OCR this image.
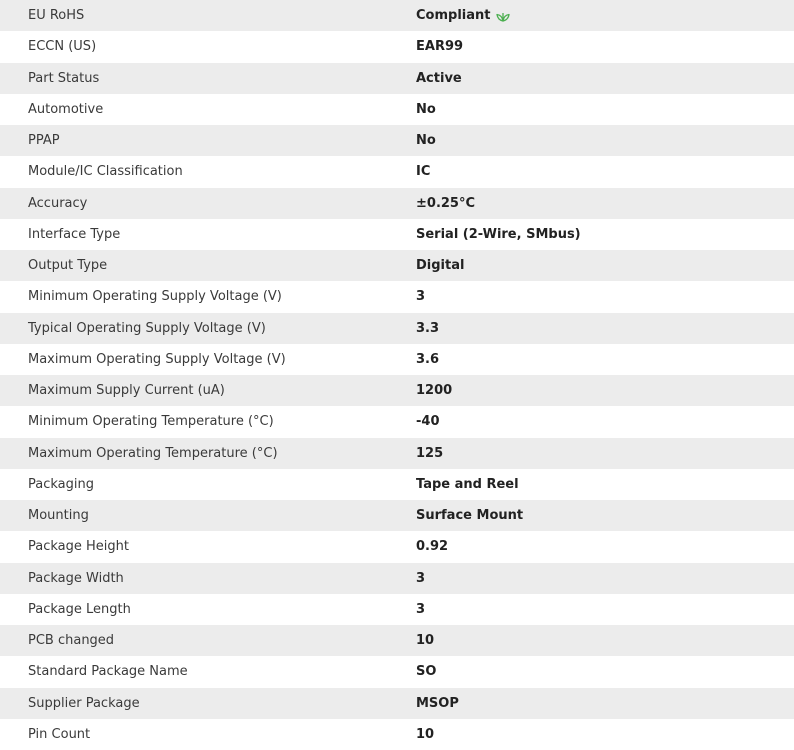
EU RoHS	Compliant
ECCN (US)	EAR99
Part Status	Active
Automotive	No
PPAP	No
Module/IC Classification	IC
Accuracy	±0.25°C
Interface Type	Serial (2-Wire, SMbus)
Output Type	Digital
Minimum Operating Supply Voltage (V)	3
Typical Operating Supply Voltage (V)	3.3
Maximum Operating Supply Voltage (V)	3.6
Maximum Supply Current (uA)	1200
Minimum Operating Temperature (°C)	-40
Maximum Operating Temperature (°C)	125
Packaging	Tape and Reel
Mounting	Surface Mount
Package Height	0.92
Package Width	3
Package Length	3
PCB changed	10
Standard Package Name	SO
Supplier Package	MSOP
Pin Count	10
